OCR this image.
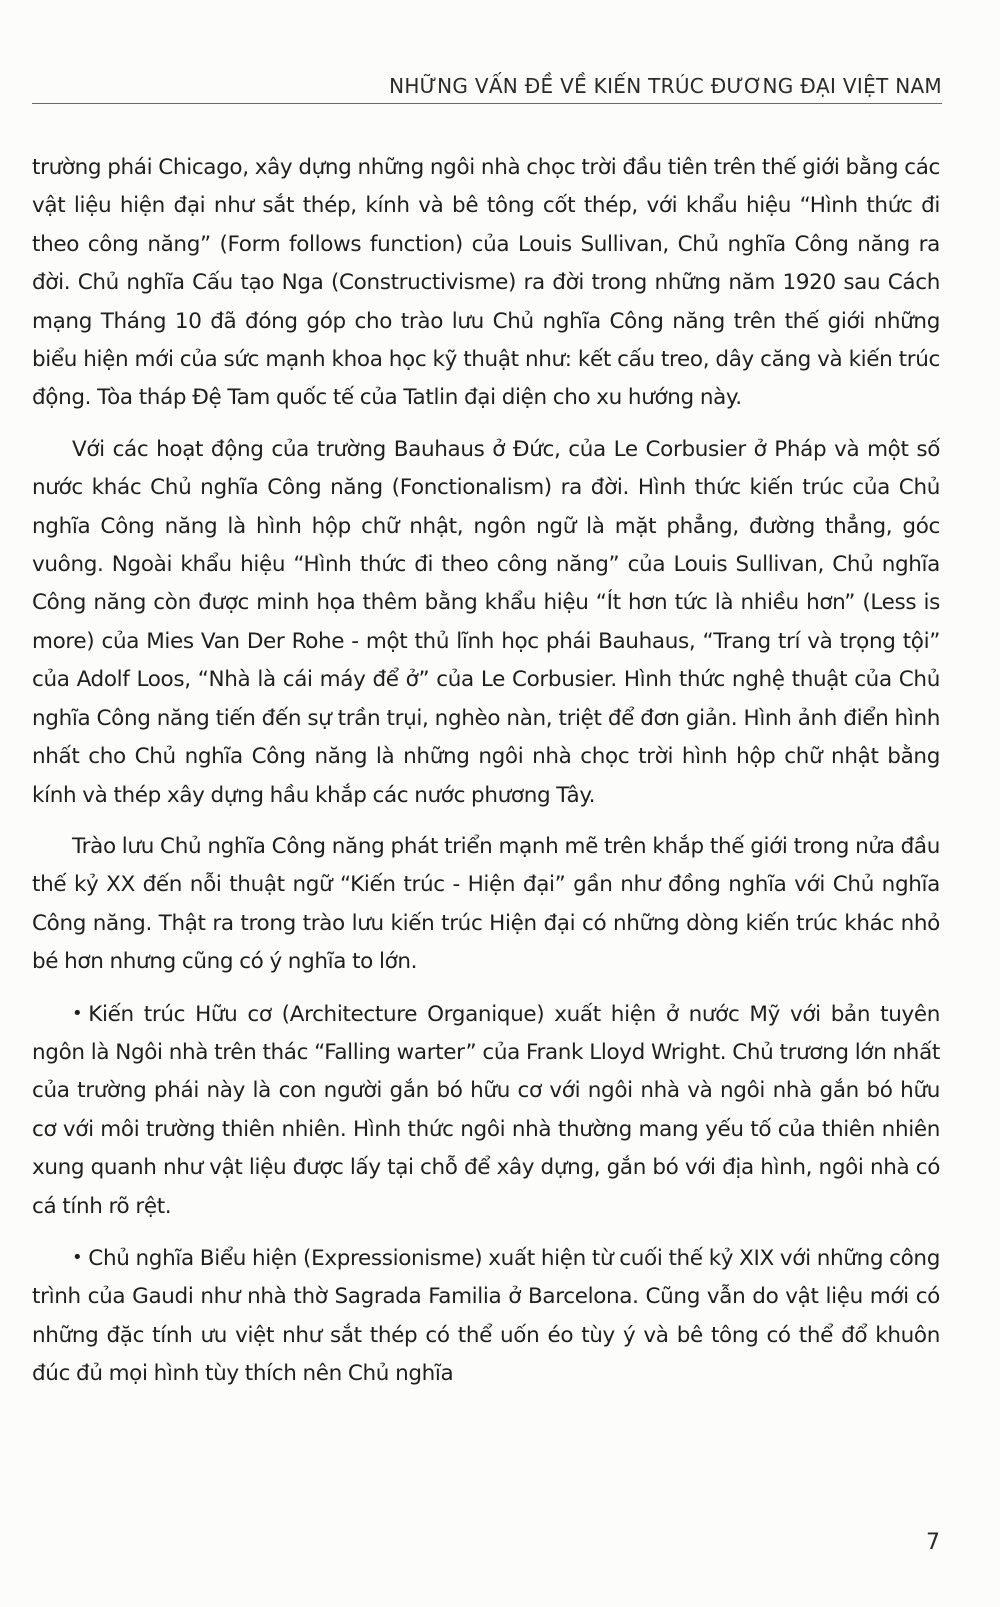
NHỮNG VẤN ĐỀ VỀ KIẾN TRÚC ĐƯƠNG ĐẠI VIỆT NAM

trường phái Chicago, xây dựng những ngôi nhà chọc trời đầu tiên trên thế giới bằng các vật liệu hiện đại như sắt thép, kính và bê tông cốt thép, với khẩu hiệu “Hình thức đi theo công năng” (Form follows function) của Louis Sullivan, Chủ nghĩa Công năng ra đời. Chủ nghĩa Cấu tạo Nga (Constructivisme) ra đời trong những năm 1920 sau Cách mạng Tháng 10 đã đóng góp cho trào lưu Chủ nghĩa Công năng trên thế giới những biểu hiện mới của sức mạnh khoa học kỹ thuật như: kết cấu treo, dây căng và kiến trúc động. Tòa tháp Đệ Tam quốc tế của Tatlin đại diện cho xu hướng này.

Với các hoạt động của trường Bauhaus ở Đức, của Le Corbusier ở Pháp và một số nước khác Chủ nghĩa Công năng (Fonctionalism) ra đời. Hình thức kiến trúc của Chủ nghĩa Công năng là hình hộp chữ nhật, ngôn ngữ là mặt phẳng, đường thẳng, góc vuông. Ngoài khẩu hiệu “Hình thức đi theo công năng” của Louis Sullivan, Chủ nghĩa Công năng còn được minh họa thêm bằng khẩu hiệu “Ít hơn tức là nhiều hơn” (Less is more) của Mies Van Der Rohe - một thủ lĩnh học phái Bauhaus, “Trang trí và trọng tội” của Adolf Loos, “Nhà là cái máy để ở” của Le Corbusier. Hình thức nghệ thuật của Chủ nghĩa Công năng tiến đến sự trần trụi, nghèo nàn, triệt để đơn giản. Hình ảnh điển hình nhất cho Chủ nghĩa Công năng là những ngôi nhà chọc trời hình hộp chữ nhật bằng kính và thép xây dựng hầu khắp các nước phương Tây.

Trào lưu Chủ nghĩa Công năng phát triển mạnh mẽ trên khắp thế giới trong nửa đầu thế kỷ XX đến nỗi thuật ngữ “Kiến trúc - Hiện đại” gần như đồng nghĩa với Chủ nghĩa Công năng. Thật ra trong trào lưu kiến trúc Hiện đại có những dòng kiến trúc khác nhỏ bé hơn nhưng cũng có ý nghĩa to lớn.

• Kiến trúc Hữu cơ (Architecture Organique) xuất hiện ở nước Mỹ với bản tuyên ngôn là Ngôi nhà trên thác “Falling warter” của Frank Lloyd Wright. Chủ trương lớn nhất của trường phái này là con người gắn bó hữu cơ với ngôi nhà và ngôi nhà gắn bó hữu cơ với môi trường thiên nhiên. Hình thức ngôi nhà thường mang yếu tố của thiên nhiên xung quanh như vật liệu được lấy tại chỗ để xây dựng, gắn bó với địa hình, ngôi nhà có cá tính rõ rệt.

• Chủ nghĩa Biểu hiện (Expressionisme) xuất hiện từ cuối thế kỷ XIX với những công trình của Gaudi như nhà thờ Sagrada Familia ở Barcelona. Cũng vẫn do vật liệu mới có những đặc tính ưu việt như sắt thép có thể uốn éo tùy ý và bê tông có thể đổ khuôn đúc đủ mọi hình tùy thích nên Chủ nghĩa

7
